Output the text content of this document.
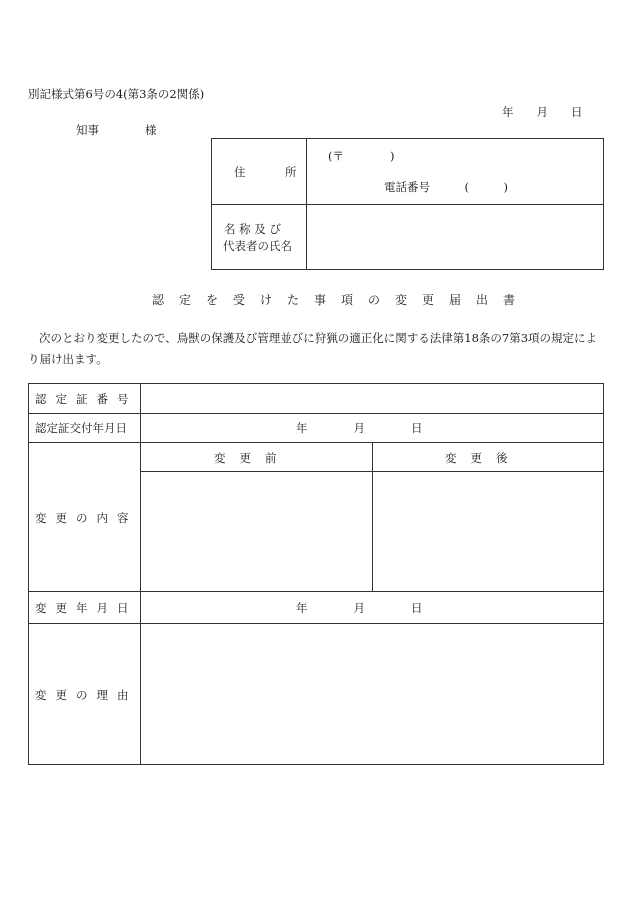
別記様式第6号の4(第3条の2関係)
年　　月　　日
知事　　　　様
住　所
(〒　　　　)
電話番号　　　(　　　)
名 称 及 び
代表者の氏名
認定を受けた事項の変更届出書
次のとおり変更したので、鳥獣の保護及び管理並びに狩猟の適正化に関する法律第18条の7第3項の規定により届け出ます。
認定証番号
認定証交付年月日
変更の内容
変更年月日
変更の理由
年　　　　月　　　　日
変更前	変更後
年　　　　月　　　　日
